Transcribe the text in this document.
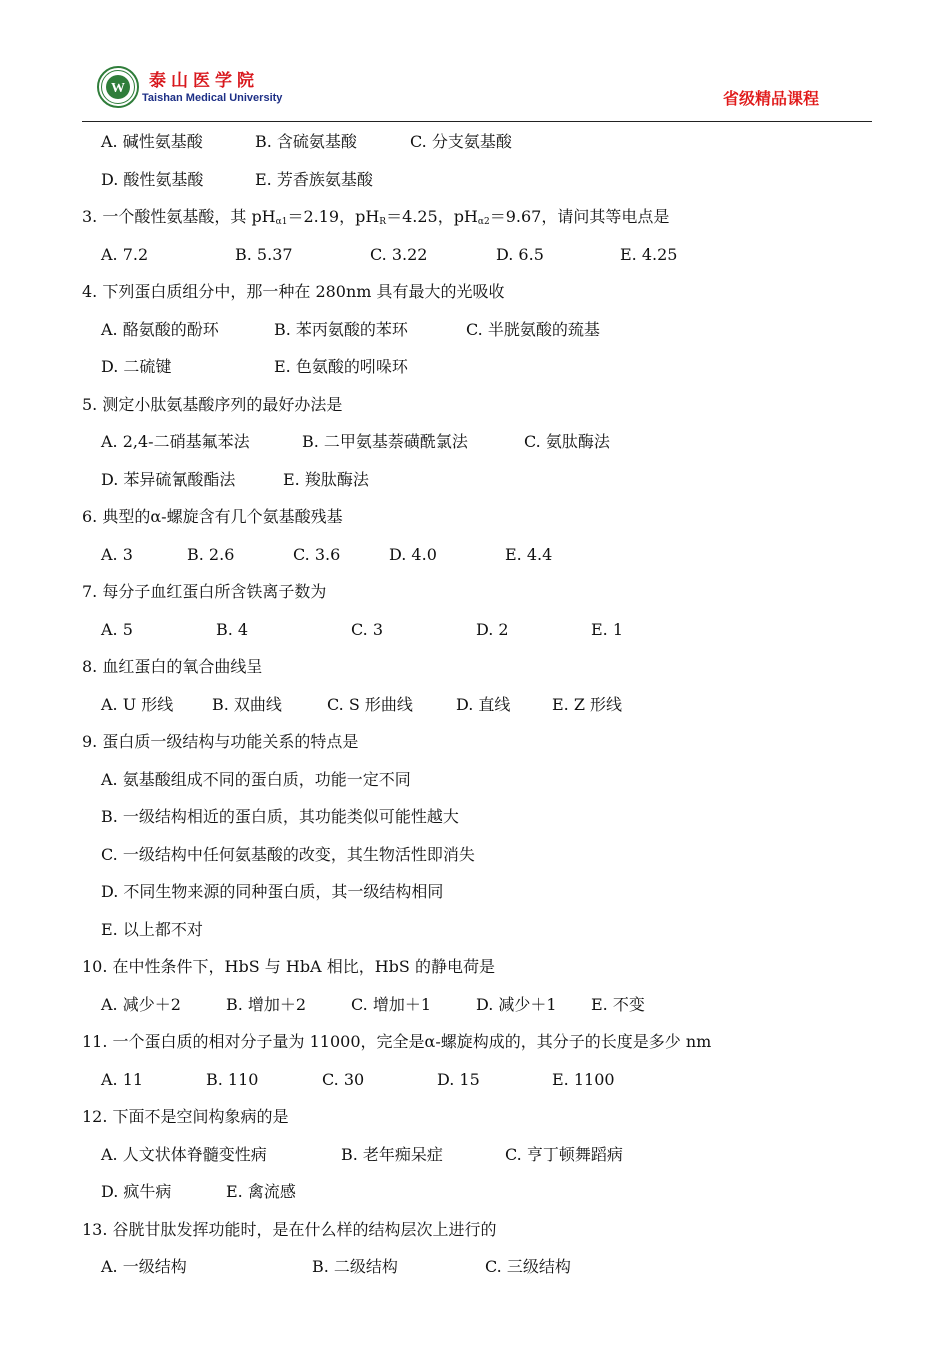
W 泰山医学院
Taishan Medical University	省级精品课程
A. 碱性氨基酸	B. 含硫氨基酸	C. 分支氨基酸
D. 酸性氨基酸	E. 芳香族氨基酸
3. 一个酸性氨基酸，其 $pH_{\alpha 1}=2.19$，$pH_R=4.25$，$pH_{\alpha 2}=9.67$，请问其等电点是
A. 7.2	B. 5.37	C. 3.22	D. 6.5	E. 4.25
4. 下列蛋白质组分中，那一种在 280nm 具有最大的光吸收
A. 酪氨酸的酚环	B. 苯丙氨酸的苯环	C. 半胱氨酸的巯基
D. 二硫键	E. 色氨酸的吲哚环
5. 测定小肽氨基酸序列的最好办法是
A. 2,4-二硝基氟苯法	B. 二甲氨基萘磺酰氯法	C. 氨肽酶法
D. 苯异硫氰酸酯法	E. 羧肽酶法
6. 典型的α-螺旋含有几个氨基酸残基
A. 3	B. 2.6	C. 3.6	D. 4.0	E. 4.4
7. 每分子血红蛋白所含铁离子数为
A. 5	B. 4	C. 3	D. 2	E. 1
8. 血红蛋白的氧合曲线呈
A. U 形线 B. 双曲线	C. S 形曲线	D. 直线	E. Z 形线
9. 蛋白质一级结构与功能关系的特点是
A. 氨基酸组成不同的蛋白质，功能一定不同
B. 一级结构相近的蛋白质，其功能类似可能性越大
C. 一级结构中任何氨基酸的改变，其生物活性即消失
D. 不同生物来源的同种蛋白质，其一级结构相同
E. 以上都不对
10. 在中性条件下，HbS 与 HbA 相比，HbS 的静电荷是
A. 减少＋2	B. 增加＋2	C. 增加＋1	D. 减少＋1 E. 不变
11. 一个蛋白质的相对分子量为 11000，完全是α-螺旋构成的，其分子的长度是多少 nm
A. 11	B. 110	C. 30	D. 15	E. 1100
12. 下面不是空间构象病的是
A. 人文状体脊髓变性病	B. 老年痴呆症	C. 亨丁顿舞蹈病
D. 疯牛病	E. 禽流感
13. 谷胱甘肽发挥功能时，是在什么样的结构层次上进行的
A. 一级结构	B. 二级结构	C. 三级结构
